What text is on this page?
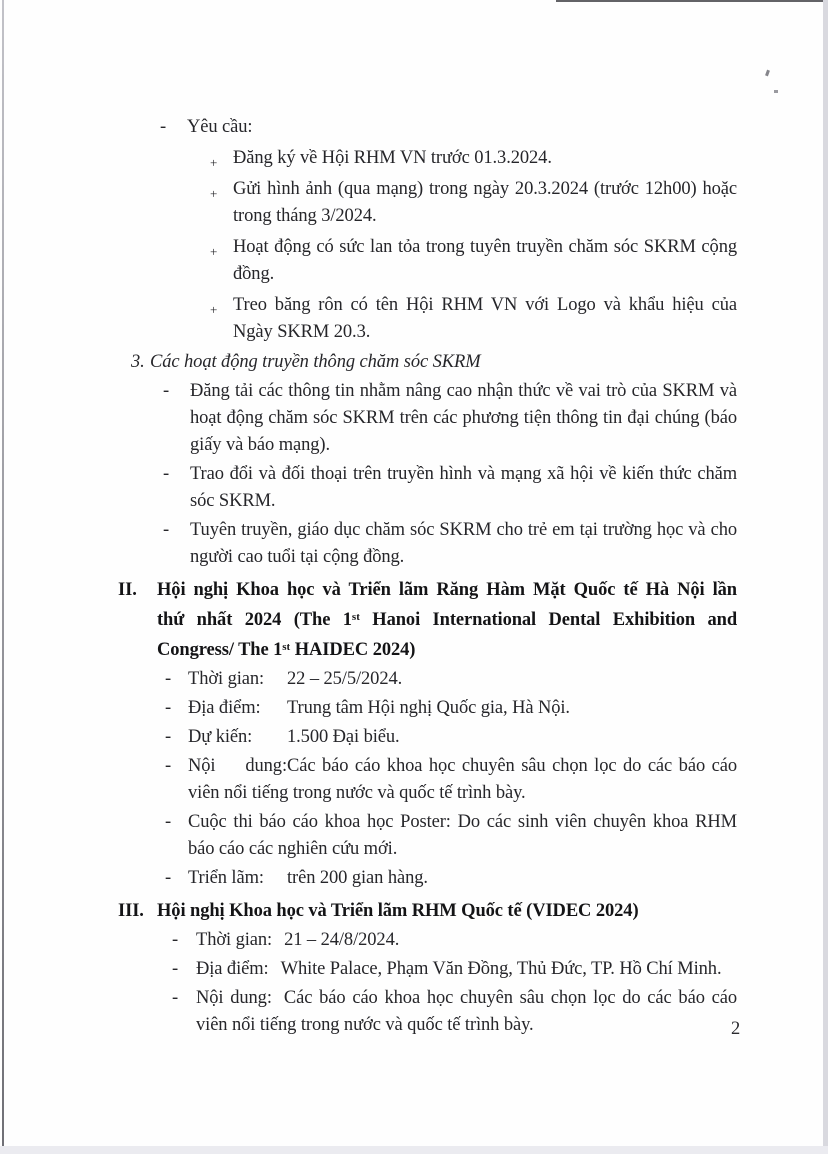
- Yêu cầu:
+ Đăng ký về Hội RHM VN trước 01.3.2024.
+ Gửi hình ảnh (qua mạng) trong ngày 20.3.2024 (trước 12h00) hoặc
trong tháng 3/2024.
+ Hoạt động có sức lan tỏa trong tuyên truyền chăm sóc SKRM cộng
đồng.
+ Treo băng rôn có tên Hội RHM VN với Logo và khẩu hiệu của
Ngày SKRM 20.3.
3. Các hoạt động truyền thông chăm sóc SKRM
- Đăng tải các thông tin nhằm nâng cao nhận thức về vai trò của SKRM và
hoạt động chăm sóc SKRM trên các phương tiện thông tin đại chúng (báo
giấy và báo mạng).
- Trao đổi và đối thoại trên truyền hình và mạng xã hội về kiến thức chăm
sóc SKRM.
- Tuyên truyền, giáo dục chăm sóc SKRM cho trẻ em tại trường học và cho
người cao tuổi tại cộng đồng.
II. Hội nghị Khoa học và Triển lãm Răng Hàm Mặt Quốc tế Hà Nội lần
thứ nhất 2024 (The 1st Hanoi International Dental Exhibition and
Congress/ The 1st HAIDEC 2024)
- Thời gian: 22 – 25/5/2024.
- Địa điểm: Trung tâm Hội nghị Quốc gia, Hà Nội.
- Dự kiến: 1.500 Đại biểu.
- Nội dung:Các báo cáo khoa học chuyên sâu chọn lọc do các báo cáo
viên nổi tiếng trong nước và quốc tế trình bày.
- Cuộc thi báo cáo khoa học Poster: Do các sinh viên chuyên khoa RHM
báo cáo các nghiên cứu mới.
- Triển lãm: trên 200 gian hàng.
III. Hội nghị Khoa học và Triển lãm RHM Quốc tế (VIDEC 2024)
- Thời gian: 21 – 24/8/2024.
- Địa điểm: White Palace, Phạm Văn Đồng, Thủ Đức, TP. Hồ Chí Minh.
- Nội dung: Các báo cáo khoa học chuyên sâu chọn lọc do các báo cáo
viên nổi tiếng trong nước và quốc tế trình bày.	2
